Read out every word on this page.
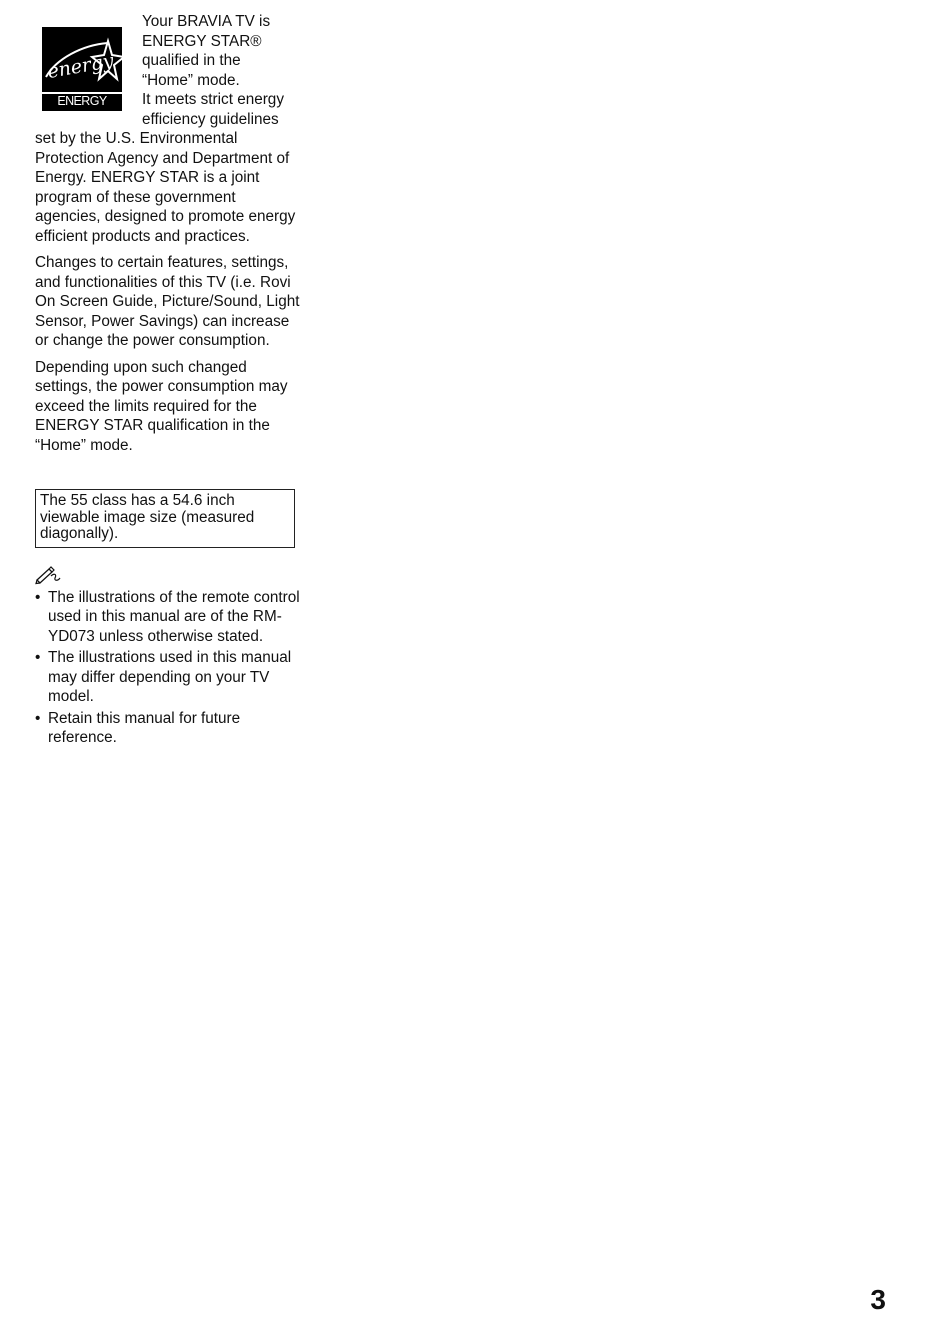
energy
ENERGY STAR

Your BRAVIA TV is
ENERGY STAR®
qualified in the
“Home” mode.
It meets strict energy
efficiency guidelines

set by the U.S. Environmental Protection Agency and Department of Energy. ENERGY STAR is a joint program of these government agencies, designed to promote energy efficient products and practices.

Changes to certain features, settings, and functionalities of this TV (i.e. Rovi On Screen Guide, Picture/Sound, Light Sensor, Power Savings) can increase or change the power consumption.

Depending upon such changed settings, the power consumption may exceed the limits required for the ENERGY STAR qualification in the “Home” mode.

The 55 class has a 54.6 inch viewable image size (measured diagonally).
• The illustrations of the remote control used in this manual are of the RM-YD073 unless otherwise stated.
• The illustrations used in this manual may differ depending on your TV model.
• Retain this manual for future reference.
3
